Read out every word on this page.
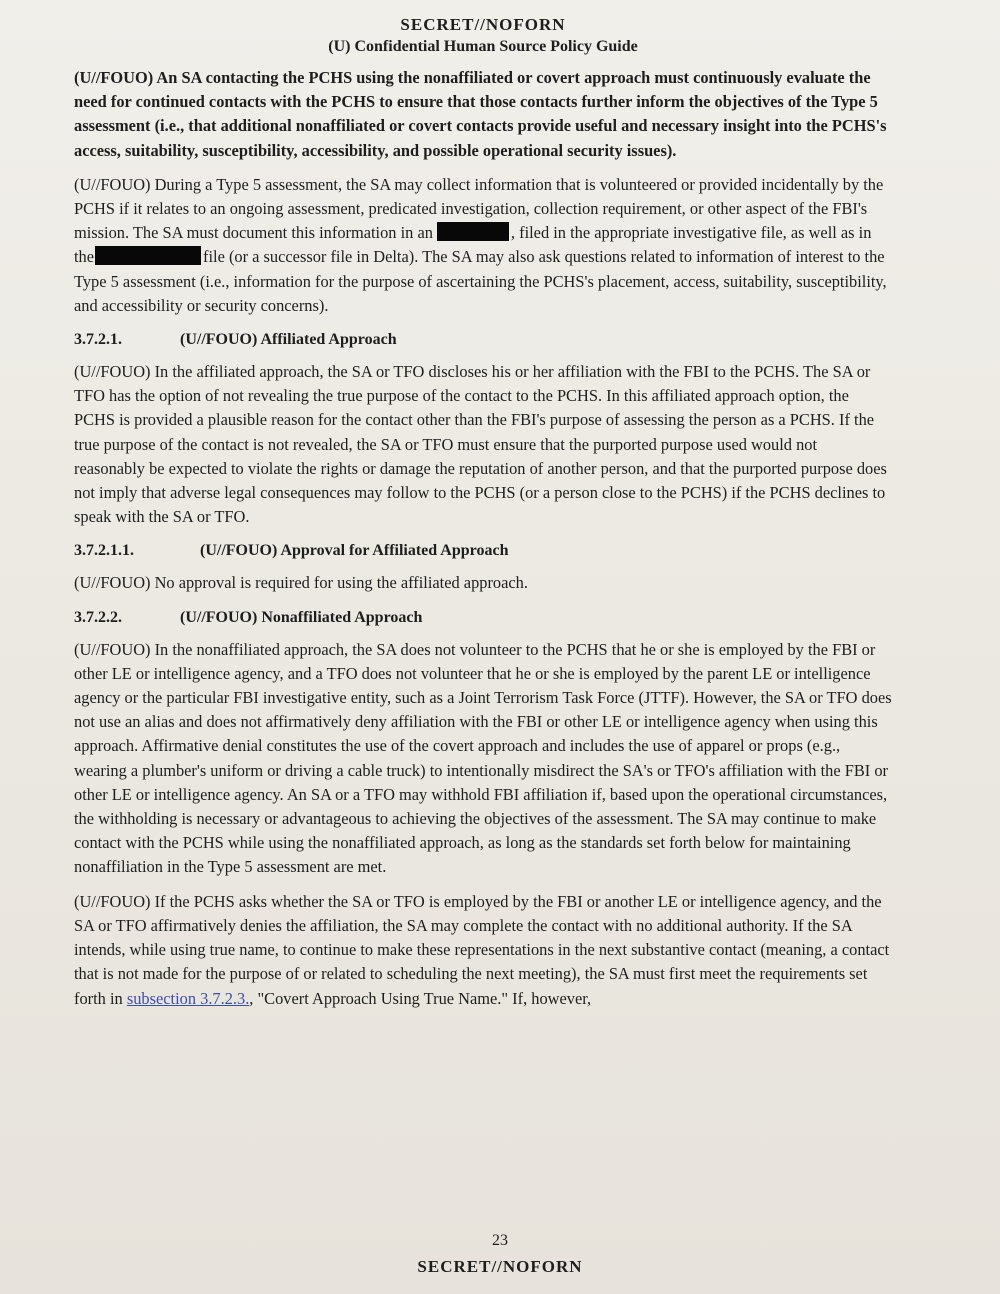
SECRET//NOFORN
(U) Confidential Human Source Policy Guide

(U//FOUO) An SA contacting the PCHS using the nonaffiliated or covert approach must continuously evaluate the need for continued contacts with the PCHS to ensure that those contacts further inform the objectives of the Type 5 assessment (i.e., that additional nonaffiliated or covert contacts provide useful and necessary insight into the PCHS's access, suitability, susceptibility, accessibility, and possible operational security issues).

(U//FOUO) During a Type 5 assessment, the SA may collect information that is volunteered or provided incidentally by the PCHS if it relates to an ongoing assessment, predicated investigation, collection requirement, or other aspect of the FBI's mission. The SA must document this information in an	, filed in the appropriate investigative file, as well as in the	file (or a successor file in Delta). The SA may also ask questions related to information of interest to the Type 5 assessment (i.e., information for the purpose of ascertaining the PCHS's placement, access, suitability, susceptibility, and accessibility or security concerns).

3.7.2.1.	(U//FOUO) Affiliated Approach

(U//FOUO) In the affiliated approach, the SA or TFO discloses his or her affiliation with the FBI to the PCHS. The SA or TFO has the option of not revealing the true purpose of the contact to the PCHS. In this affiliated approach option, the PCHS is provided a plausible reason for the contact other than the FBI's purpose of assessing the person as a PCHS. If the true purpose of the contact is not revealed, the SA or TFO must ensure that the purported purpose used would not reasonably be expected to violate the rights or damage the reputation of another person, and that the purported purpose does not imply that adverse legal consequences may follow to the PCHS (or a person close to the PCHS) if the PCHS declines to speak with the SA or TFO.

3.7.2.1.1.	(U//FOUO) Approval for Affiliated Approach

(U//FOUO) No approval is required for using the affiliated approach.

3.7.2.2.	(U//FOUO) Nonaffiliated Approach

(U//FOUO) In the nonaffiliated approach, the SA does not volunteer to the PCHS that he or she is employed by the FBI or other LE or intelligence agency, and a TFO does not volunteer that he or she is employed by the parent LE or intelligence agency or the particular FBI investigative entity, such as a Joint Terrorism Task Force (JTTF). However, the SA or TFO does not use an alias and does not affirmatively deny affiliation with the FBI or other LE or intelligence agency when using this approach. Affirmative denial constitutes the use of the covert approach and includes the use of apparel or props (e.g., wearing a plumber's uniform or driving a cable truck) to intentionally misdirect the SA's or TFO's affiliation with the FBI or other LE or intelligence agency. An SA or a TFO may withhold FBI affiliation if, based upon the operational circumstances, the withholding is necessary or advantageous to achieving the objectives of the assessment. The SA may continue to make contact with the PCHS while using the nonaffiliated approach, as long as the standards set forth below for maintaining nonaffiliation in the Type 5 assessment are met.

(U//FOUO) If the PCHS asks whether the SA or TFO is employed by the FBI or another LE or intelligence agency, and the SA or TFO affirmatively denies the affiliation, the SA may complete the contact with no additional authority. If the SA intends, while using true name, to continue to make these representations in the next substantive contact (meaning, a contact that is not made for the purpose of or related to scheduling the next meeting), the SA must first meet the requirements set forth in subsection 3.7.2.3., "Covert Approach Using True Name." If, however,

23
SECRET//NOFORN
